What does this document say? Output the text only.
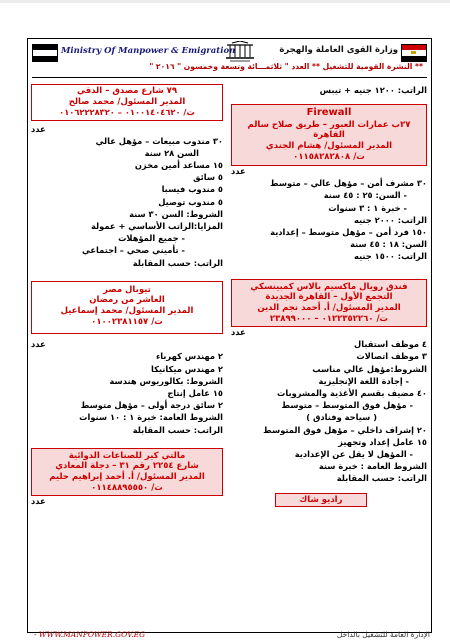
Ministry Of Manpower & Emigration	وزارة القوى العاملة والهجرة
** النشرة القومية للتشغيل ** العدد " ثلاثمـــائة وتسعة وخمسون " ٢٠١٦ "
الراتب: ١٢٠٠ جنيه + تيبس
Firewall
٢٧ب عمارات العبور – طريق صلاح سالم
القاهرة
المدير المسئول/ هشام الجندي
ت/ ٠١١٥٨٢٨٢٨٠٨
عدد
٣٠ مشرف أمن – مؤهل عالي – متوسط
- السن: ٢٥ : ٤٥ سنة
- خبرة ١ : ٣ سنوات
الراتب: ٢٠٠٠ جنيه
١٥٠ فرد أمن – مؤهل متوسط – إعدادية
السن: ١٨ : ٤٥ سنة
الراتب: ١٥٠٠ جنيه
فندق رويال ماكسيم بالاس كمبينسكي
التجمع الأول – القاهرة الجديدة
المدير المسئول/ أ. أحمد نجم الدين
ت/ ٠١٢٢٣٥٢٢٦٠ – ٢٣٨٩٩٠٠٠
عدد
٤ موظف استقبال
٣ موظف اتصالات
الشروط:مؤهل عالي مناسب
- إجادة اللغة الإنجليزية
٤٠ مضيف بقسم الأغذية والمشروبات
- مؤهل فوق المتوسط – متوسط
( سياحة وفنادق )
٢٠ إشراف داخلي – مؤهل فوق المتوسط
١٥ عامل إعداد وتجهيز
- المؤهل لا يقل عن الإعدادية
الشروط العامة : خبرة سنة
الراتب: حسب المقابلة
راديو شاك
٧٩ شارع مصدق – الدقي
المدير المسئول/ محمد صالح
ت/ ٠١٠٠١٤٠٤٦٢٠ – ٠١٠٦٢٢٢٨٣٢٠
عدد
٣٠ مندوب مبيعات – مؤهل عالي
السن ٢٨ سنة
١٥ مساعد أمين مخزن
٥ سائق
٥ مندوب فيسبا
٥ مندوب توصيل
الشروط: السن ٣٠ سنة
المزايا:الراتب الأساسي + عمولة
- جميع المؤهلات
- تأميني صحي – اجتماعي
الراتب: حسب المقابلة
تيوبال مصر
العاشر من رمضان
المدير المسئول/ محمد إسماعيل
ت/ ٠١٠٠٢٣٨١١٥٧
عدد
٢ مهندس كهرباء
٢ مهندس ميكانيكا
الشروط: بكالوريوس هندسة
١٥ عامل إنتاج
٢ سائق درجة أولى – مؤهل متوسط
الشروط العامة: خبرة ١ : ١٠ سنوات
الراتب: حسب المقابلة
مالتي كير للصناعات الدوائية
شارع ٢٢٥٤ رقم ٣١ – دجلة المعادي
المدير المسئول/ أ. أحمد إبراهيم حليم
ت/ ٠١١٤٨٨٩٥٥٥٠
عدد
- WWW.MANPOWER.GOV.EG	الإدارة العامة للتشغيل بالداخل
